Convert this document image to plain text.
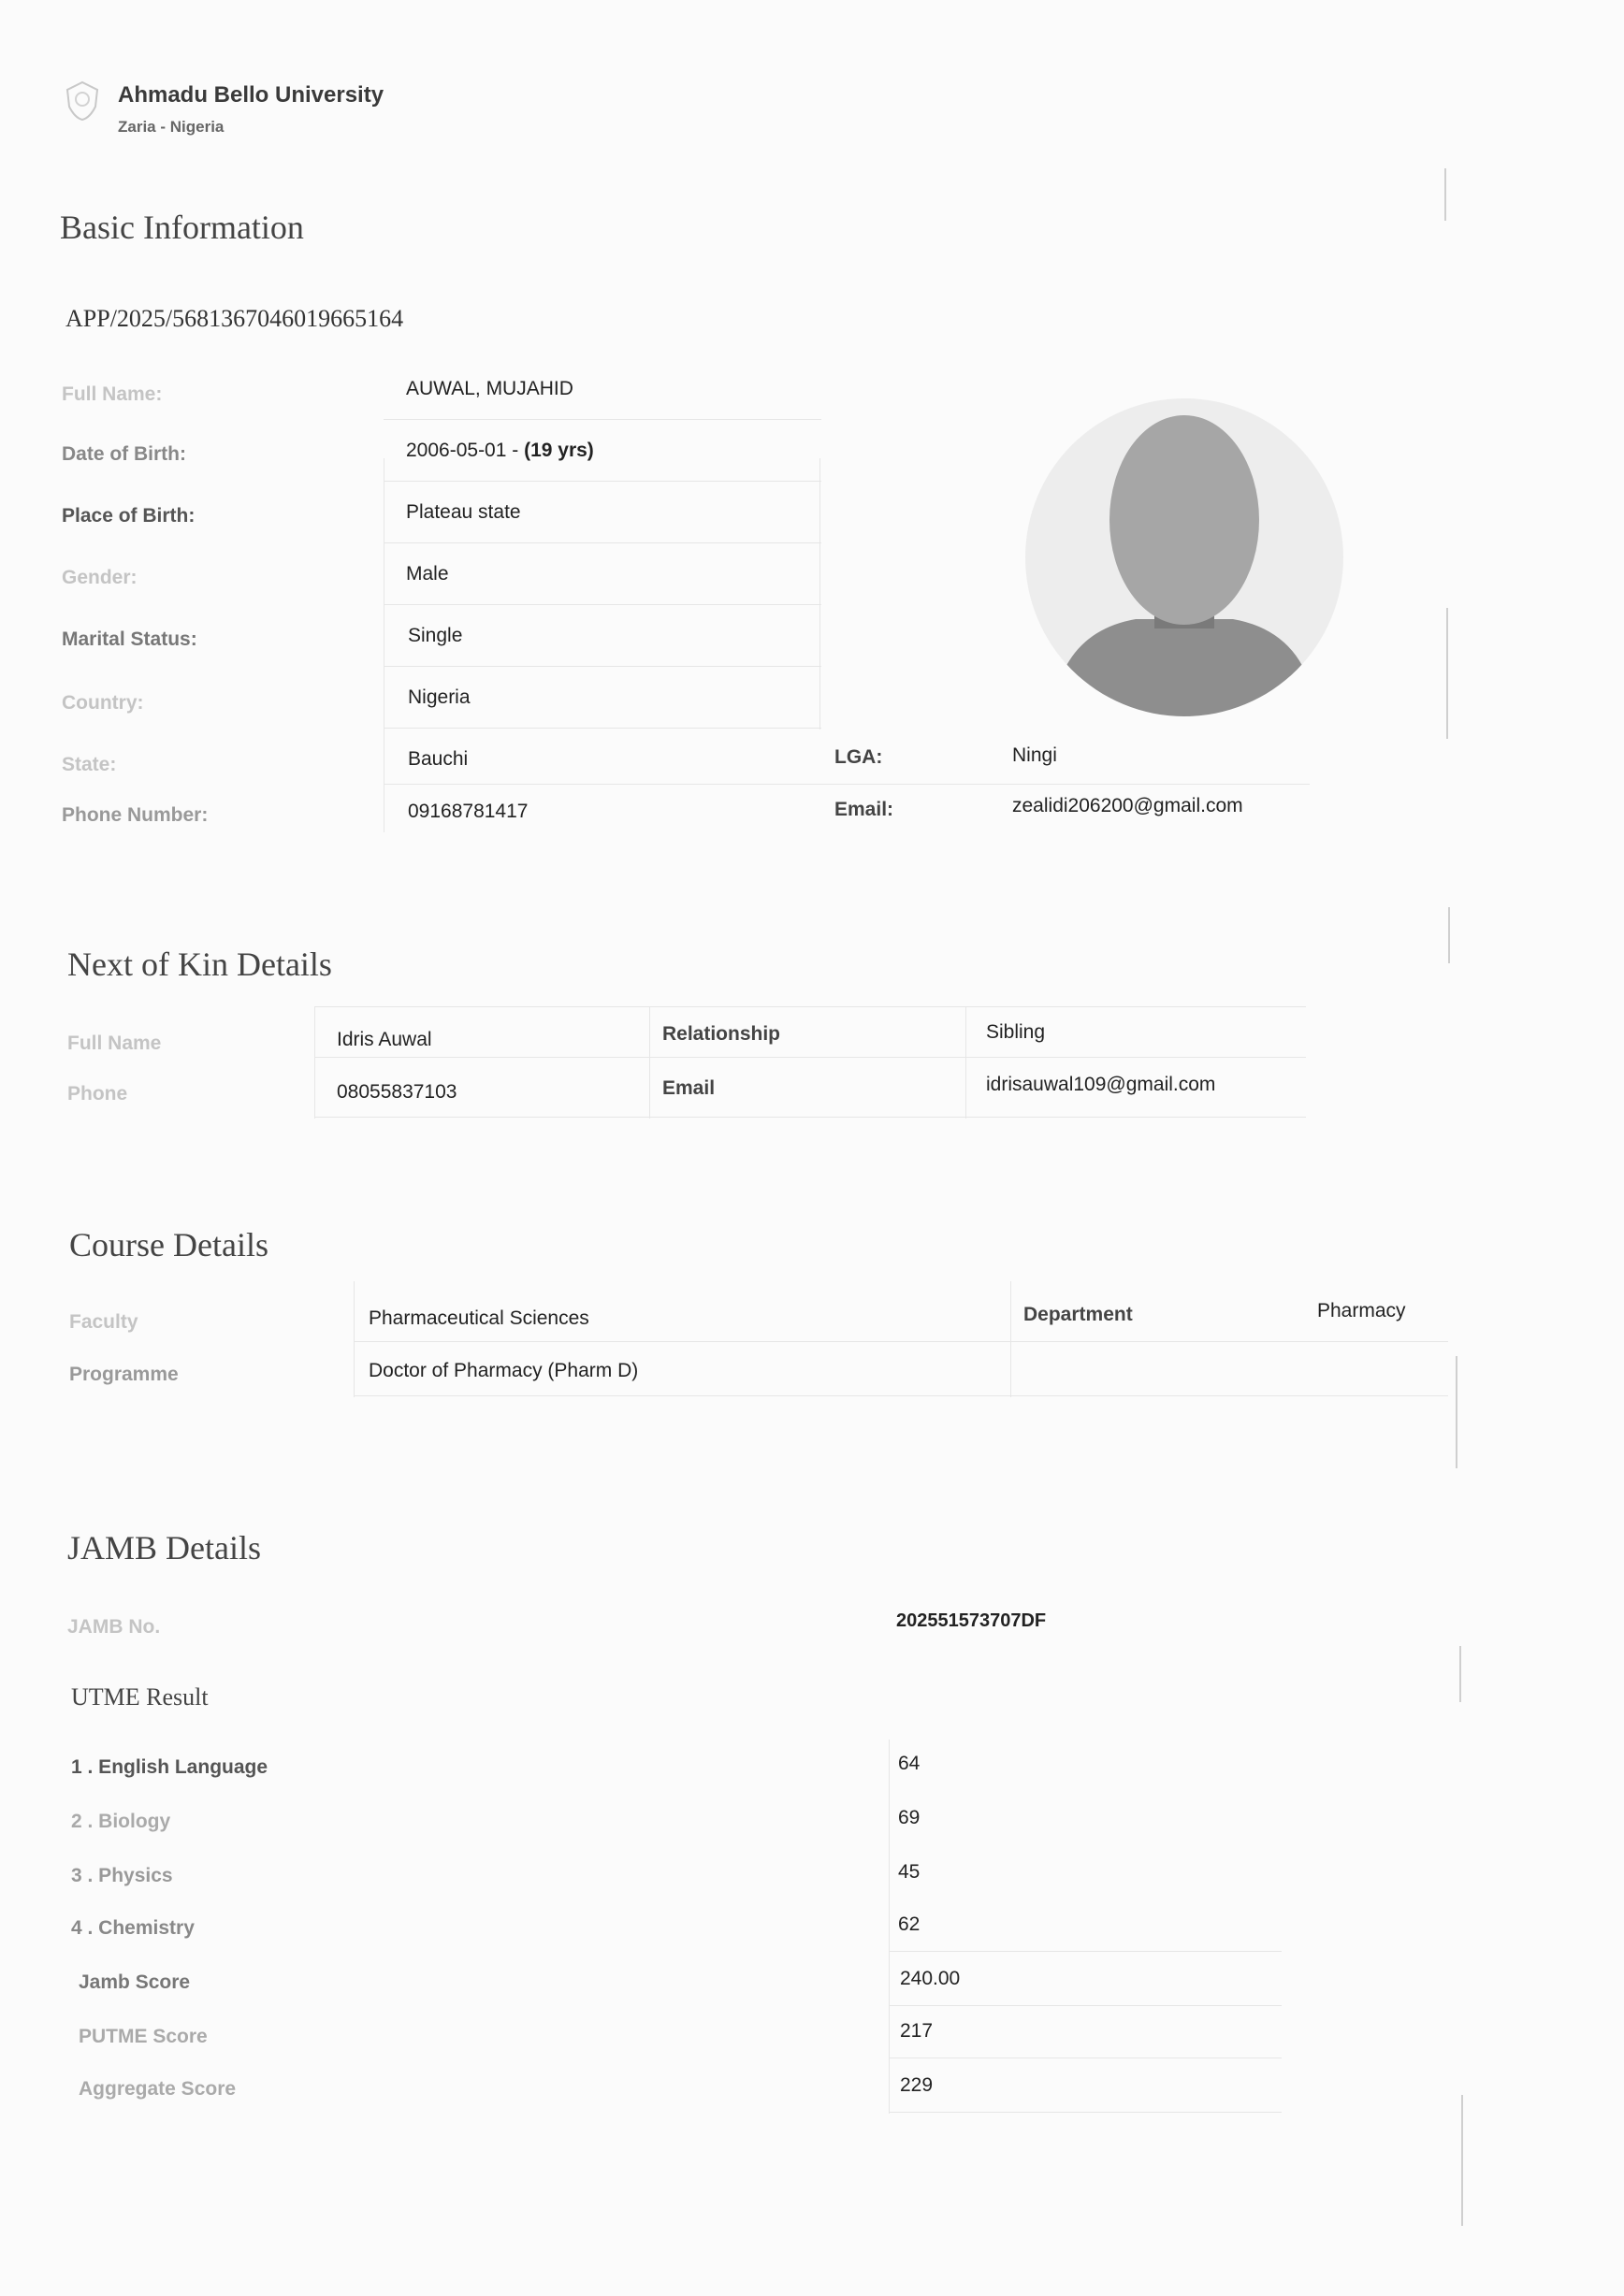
Ahmadu Bello University
Zaria - Nigeria
Basic Information
APP/2025/5681367046019665164
Full Name:	AUWAL, MUJAHID
Date of Birth:	2006-05-01 - (19 yrs)
Place of Birth:	Plateau state
Gender:	Male
Marital Status:	Single
Country:	Nigeria
State:	Bauchi	LGA:	Ningi
Phone Number:	09168781417	Email:	zealidi206200@gmail.com
Next of Kin Details
Full Name	Idris Auwal	Relationship	Sibling
Phone	08055837103	Email	idrisauwal109@gmail.com
Course Details
Faculty	Pharmaceutical Sciences	Department	Pharmacy
Programme	Doctor of Pharmacy (Pharm D)
JAMB Details
JAMB No.	202551573707DF
UTME Result
1 . English Language	64
2 . Biology	69
3 . Physics	45
4 . Chemistry	62
Jamb Score	240.00
PUTME Score	217
Aggregate Score	229
